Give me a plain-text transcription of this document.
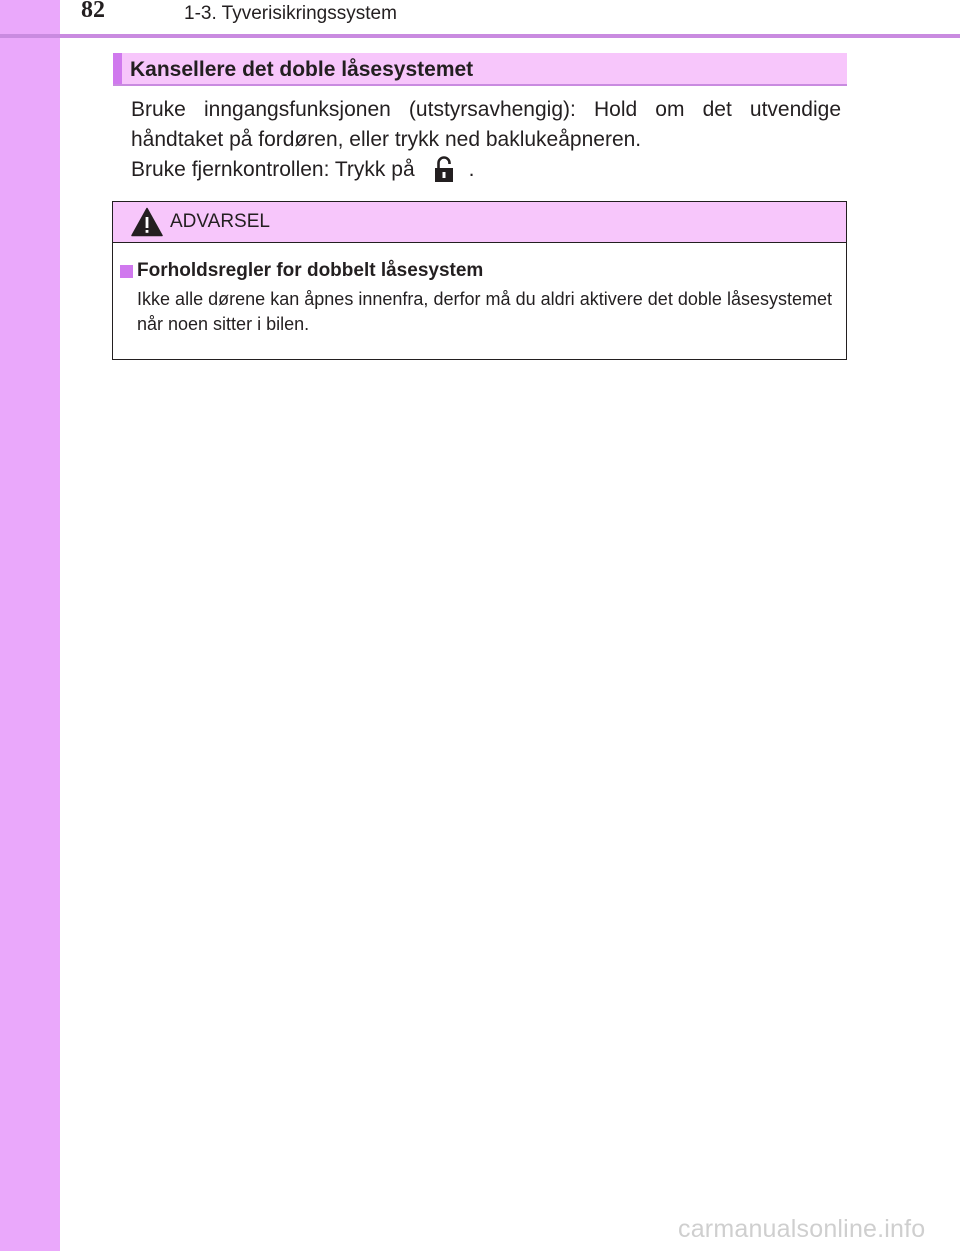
82	1-3. Tyverisikringssystem
Kansellere det doble låsesystemet
Bruke inngangsfunksjonen (utstyrsavhengig): Hold om det utvendige håndtaket på fordøren, eller trykk ned baklukeåpneren.
Bruke fjernkontrollen: Trykk på	.
ADVARSEL
Forholdsregler for dobbelt låsesystem
Ikke alle dørene kan åpnes innenfra, derfor må du aldri aktivere det doble låsesystemet når noen sitter i bilen.
carmanualsonline.info
